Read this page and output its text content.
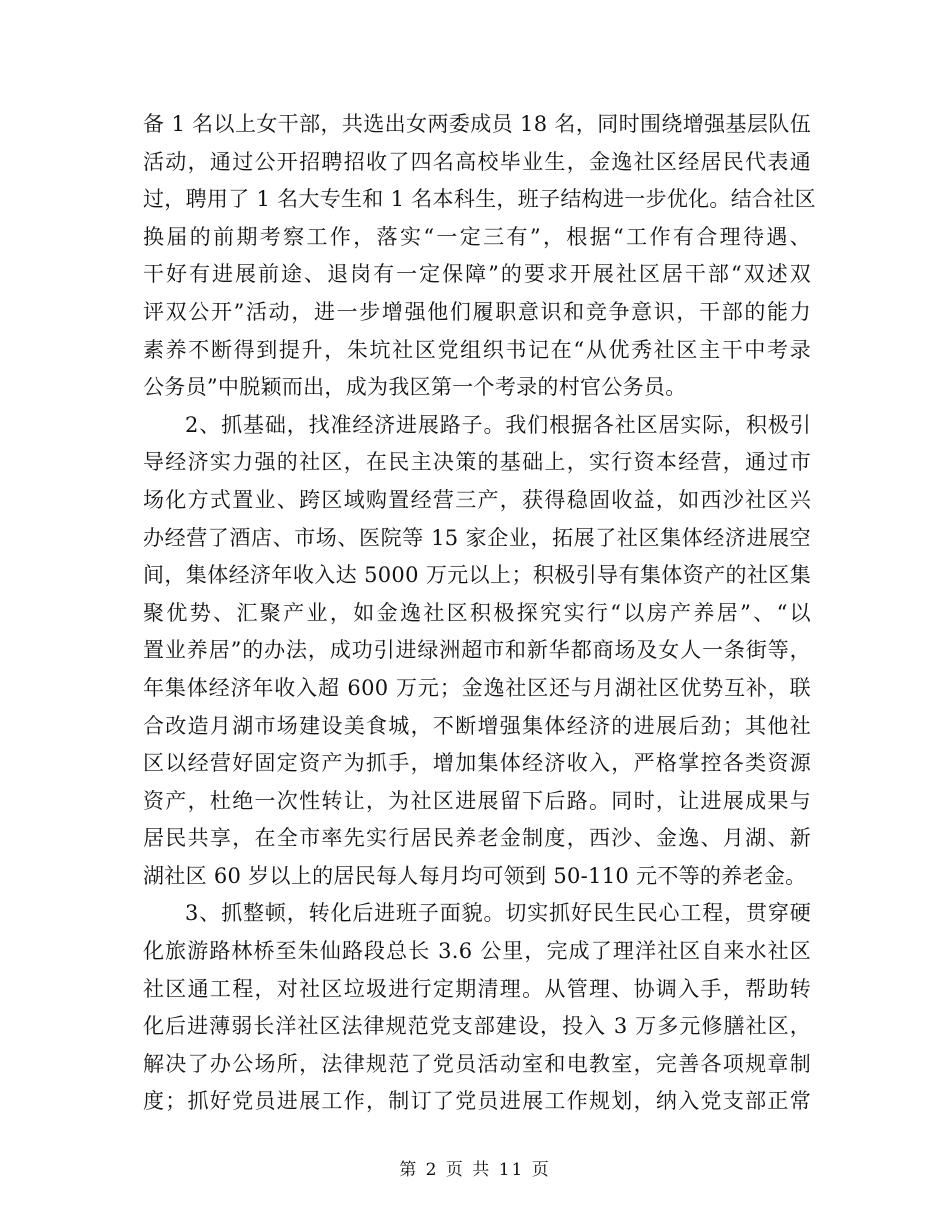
备 1 名以上女干部，共选出女两委成员 18 名，同时围绕增强基层队伍
活动，通过公开招聘招收了四名高校毕业生，金逸社区经居民代表通
过，聘用了 1 名大专生和 1 名本科生，班子结构进一步优化。结合社区
换届的前期考察工作，落实“一定三有”，根据“工作有合理待遇、
干好有进展前途、退岗有一定保障”的要求开展社区居干部“双述双
评双公开”活动，进一步增强他们履职意识和竞争意识，干部的能力
素养不断得到提升，朱坑社区党组织书记在“从优秀社区主干中考录
公务员”中脱颖而出，成为我区第一个考录的村官公务员。
2、抓基础，找准经济进展路子。我们根据各社区居实际，积极引
导经济实力强的社区，在民主决策的基础上，实行资本经营，通过市
场化方式置业、跨区域购置经营三产，获得稳固收益，如西沙社区兴
办经营了酒店、市场、医院等 15 家企业，拓展了社区集体经济进展空
间，集体经济年收入达 5000 万元以上；积极引导有集体资产的社区集
聚优势、汇聚产业，如金逸社区积极探究实行“以房产养居”、“以
置业养居”的办法，成功引进绿洲超市和新华都商场及女人一条街等，
年集体经济年收入超 600 万元；金逸社区还与月湖社区优势互补，联
合改造月湖市场建设美食城，不断增强集体经济的进展后劲；其他社
区以经营好固定资产为抓手，增加集体经济收入，严格掌控各类资源
资产，杜绝一次性转让，为社区进展留下后路。同时，让进展成果与
居民共享，在全市率先实行居民养老金制度，西沙、金逸、月湖、新
湖社区 60 岁以上的居民每人每月均可领到 50-110 元不等的养老金。
3、抓整顿，转化后进班子面貌。切实抓好民生民心工程，贯穿硬
化旅游路林桥至朱仙路段总长 3.6 公里，完成了理洋社区自来水社区
社区通工程，对社区垃圾进行定期清理。从管理、协调入手，帮助转
化后进薄弱长洋社区法律规范党支部建设，投入 3 万多元修膳社区，
解决了办公场所，法律规范了党员活动室和电教室，完善各项规章制
度；抓好党员进展工作，制订了党员进展工作规划，纳入党支部正常
第 2 页 共 11 页
